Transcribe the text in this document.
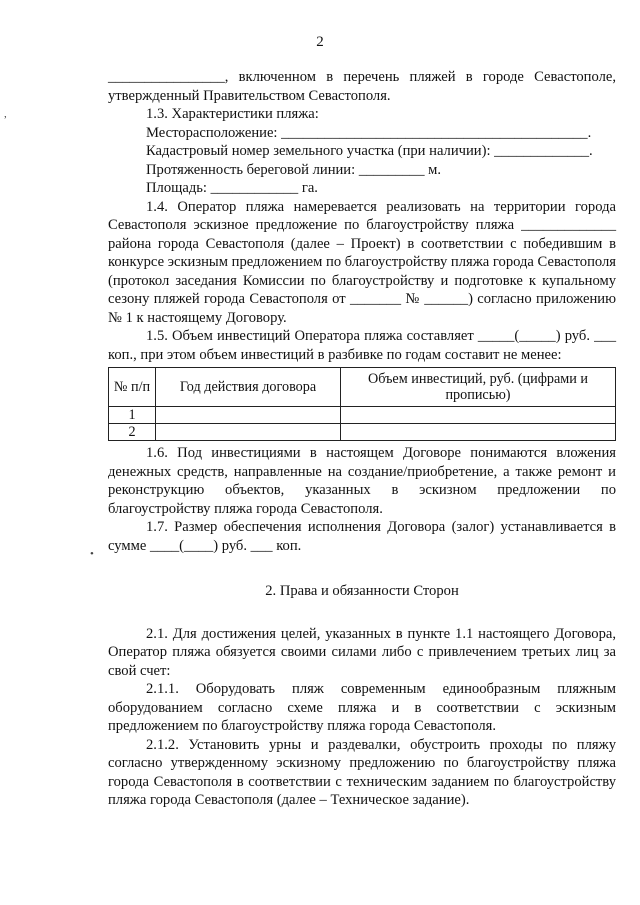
2
,
•

________________, включенном в перечень пляжей в городе Севастополе, утвержденный Правительством Севастополя.

1.3. Характеристики пляжа:

Месторасположение: __________________________________________.

Кадастровый номер земельного участка (при наличии): _____________.

Протяженность береговой линии: _________ м.

Площадь: ____________ га.

1.4. Оператор пляжа намеревается реализовать на территории города Севастополя эскизное предложение по благоустройству пляжа _____________ района города Севастополя (далее – Проект) в соответствии с победившим в конкурсе эскизным предложением по благоустройству пляжа города Севастополя (протокол заседания Комиссии по благоустройству и подготовке к купальному сезону пляжей города Севастополя от _______ № ______) согласно приложению № 1 к настоящему Договору.

1.5. Объем инвестиций Оператора пляжа составляет _____(_____) руб. ___ коп., при этом объем инвестиций в разбивке по годам составит не менее:

№ п/п	Год действия договора	Объем инвестиций, руб. (цифрами и прописью)
1		
2		

1.6. Под инвестициями в настоящем Договоре понимаются вложения денежных средств, направленные на создание/приобретение, а также ремонт и реконструкцию объектов, указанных в эскизном предложении по благоустройству пляжа города Севастополя.

1.7. Размер обеспечения исполнения Договора (залог) устанавливается в сумме ____(____) руб. ___ коп.

2. Права и обязанности Сторон

2.1. Для достижения целей, указанных в пункте 1.1 настоящего Договора, Оператор пляжа обязуется своими силами либо с привлечением третьих лиц за свой счет:

2.1.1. Оборудовать пляж современным единообразным пляжным оборудованием согласно схеме пляжа и в соответствии с эскизным предложением по благоустройству пляжа города Севастополя.

2.1.2. Установить урны и раздевалки, обустроить проходы по пляжу согласно утвержденному эскизному предложению по благоустройству пляжа города Севастополя в соответствии с техническим заданием по благоустройству пляжа города Севастополя (далее – Техническое задание).
